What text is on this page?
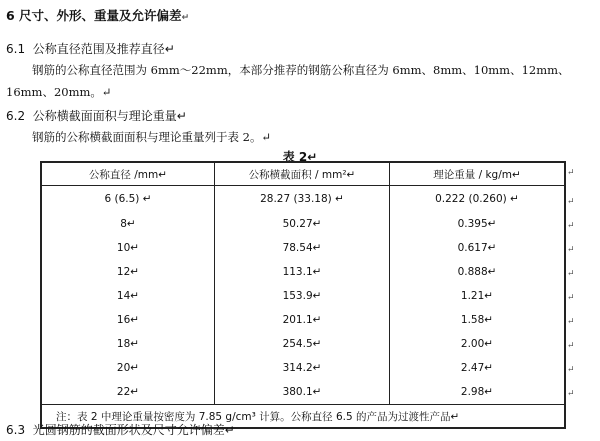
6 尺寸、外形、重量及允许偏差↵
6.1 公称直径范围及推荐直径↵
钢筋的公称直径范围为 6mm～22mm，本部分推荐的钢筋公称直径为 6mm、8mm、10mm、12mm、
16mm、20mm。↵
6.2 公称横截面面积与理论重量↵
钢筋的公称横截面面积与理论重量列于表 2。↵
表 2↵
公称直径 /mm↵	公称横截面积 / mm²↵	理论重量 / kg/m↵
6 (6.5) ↵	28.27 (33.18) ↵	0.222 (0.260) ↵
8↵	50.27↵	0.395↵
10↵	78.54↵	0.617↵
12↵	113.1↵	0.888↵
14↵	153.9↵	1.21↵
16↵	201.1↵	1.58↵
18↵	254.5↵	2.00↵
20↵	314.2↵	2.47↵
22↵	380.1↵	2.98↵
注：表 2 中理论重量按密度为 7.85 g/cm³ 计算。公称直径 6.5 的产品为过渡性产品↵		
↵
↵
↵
↵
↵
↵
↵
↵
↵
↵
6.3 光圆钢筋的截面形状及尺寸允许偏差↵
